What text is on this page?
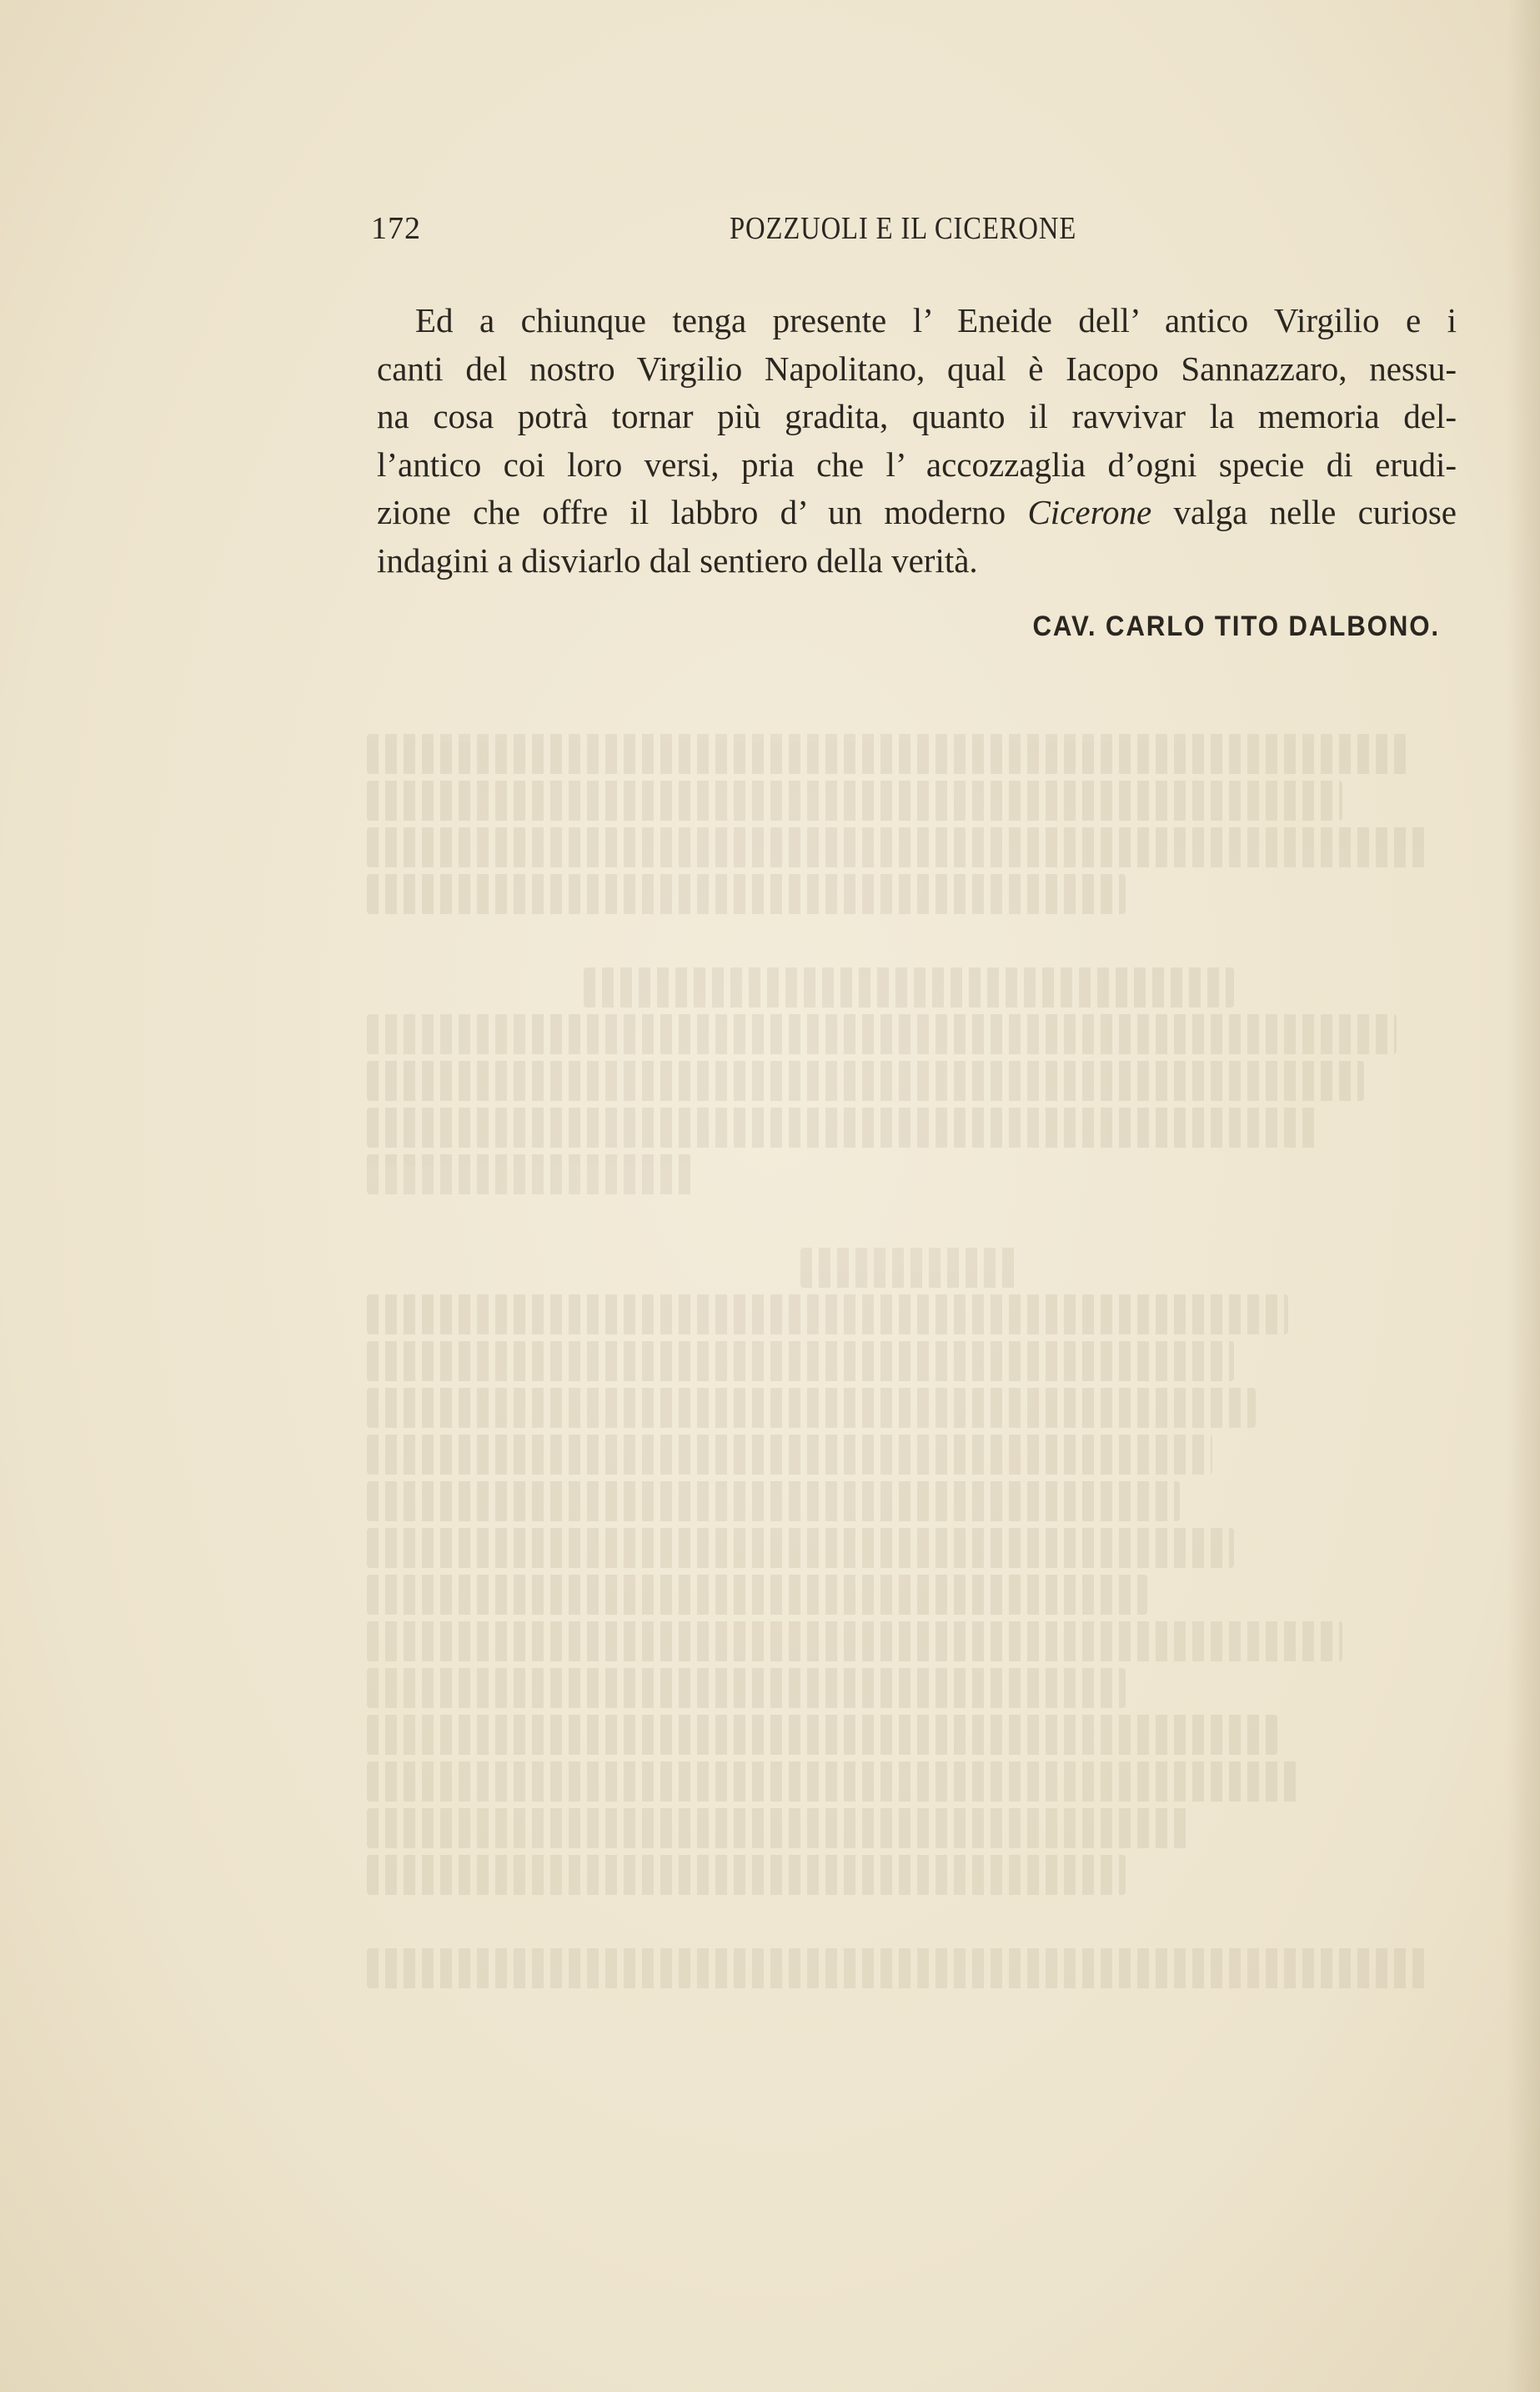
172	POZZUOLI E IL CICERONE
Ed a chiunque tenga presente l’ Eneide dell’ antico Virgilio e i
canti del nostro Virgilio Napolitano, qual è Iacopo Sannazzaro, nessu-
na cosa potrà tornar più gradita, quanto il ravvivar la memoria del-
l’antico coi loro versi, pria che l’ accozzaglia d’ogni specie di erudi-
zione che offre il labbro d’ un moderno Cicerone valga nelle curiose
indagini a disviarlo dal sentiero della verità.
CAV. CARLO TITO DALBONO.
